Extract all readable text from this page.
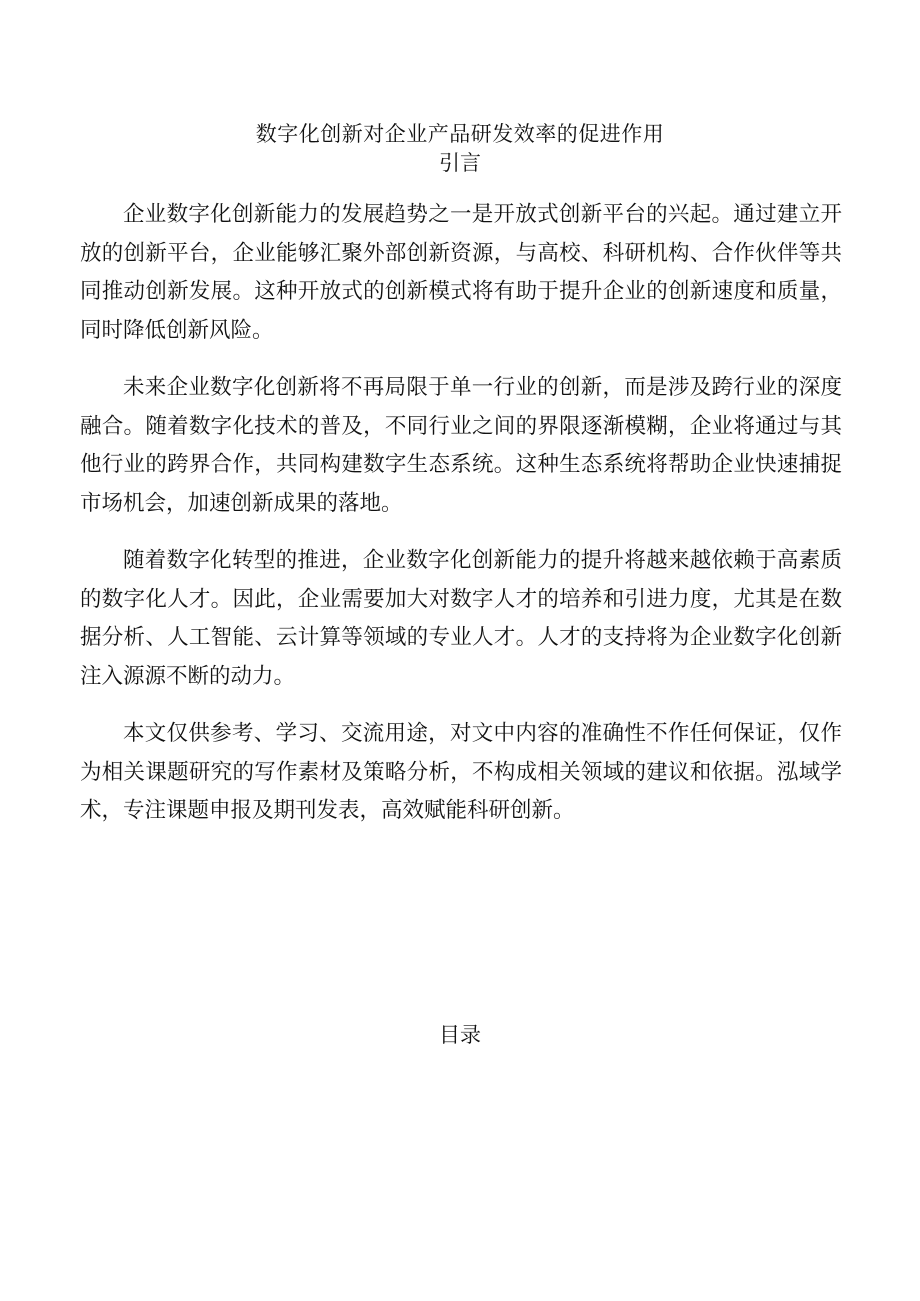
数字化创新对企业产品研发效率的促进作用
引言

企业数字化创新能力的发展趋势之一是开放式创新平台的兴起。通过建立开放的创新平台，企业能够汇聚外部创新资源，与高校、科研机构、合作伙伴等共同推动创新发展。这种开放式的创新模式将有助于提升企业的创新速度和质量，同时降低创新风险。

未来企业数字化创新将不再局限于单一行业的创新，而是涉及跨行业的深度融合。随着数字化技术的普及，不同行业之间的界限逐渐模糊，企业将通过与其他行业的跨界合作，共同构建数字生态系统。这种生态系统将帮助企业快速捕捉市场机会，加速创新成果的落地。

随着数字化转型的推进，企业数字化创新能力的提升将越来越依赖于高素质的数字化人才。因此，企业需要加大对数字人才的培养和引进力度，尤其是在数据分析、人工智能、云计算等领域的专业人才。人才的支持将为企业数字化创新注入源源不断的动力。

本文仅供参考、学习、交流用途，对文中内容的准确性不作任何保证，仅作为相关课题研究的写作素材及策略分析，不构成相关领域的建议和依据。泓域学术，专注课题申报及期刊发表，高效赋能科研创新。

目录
